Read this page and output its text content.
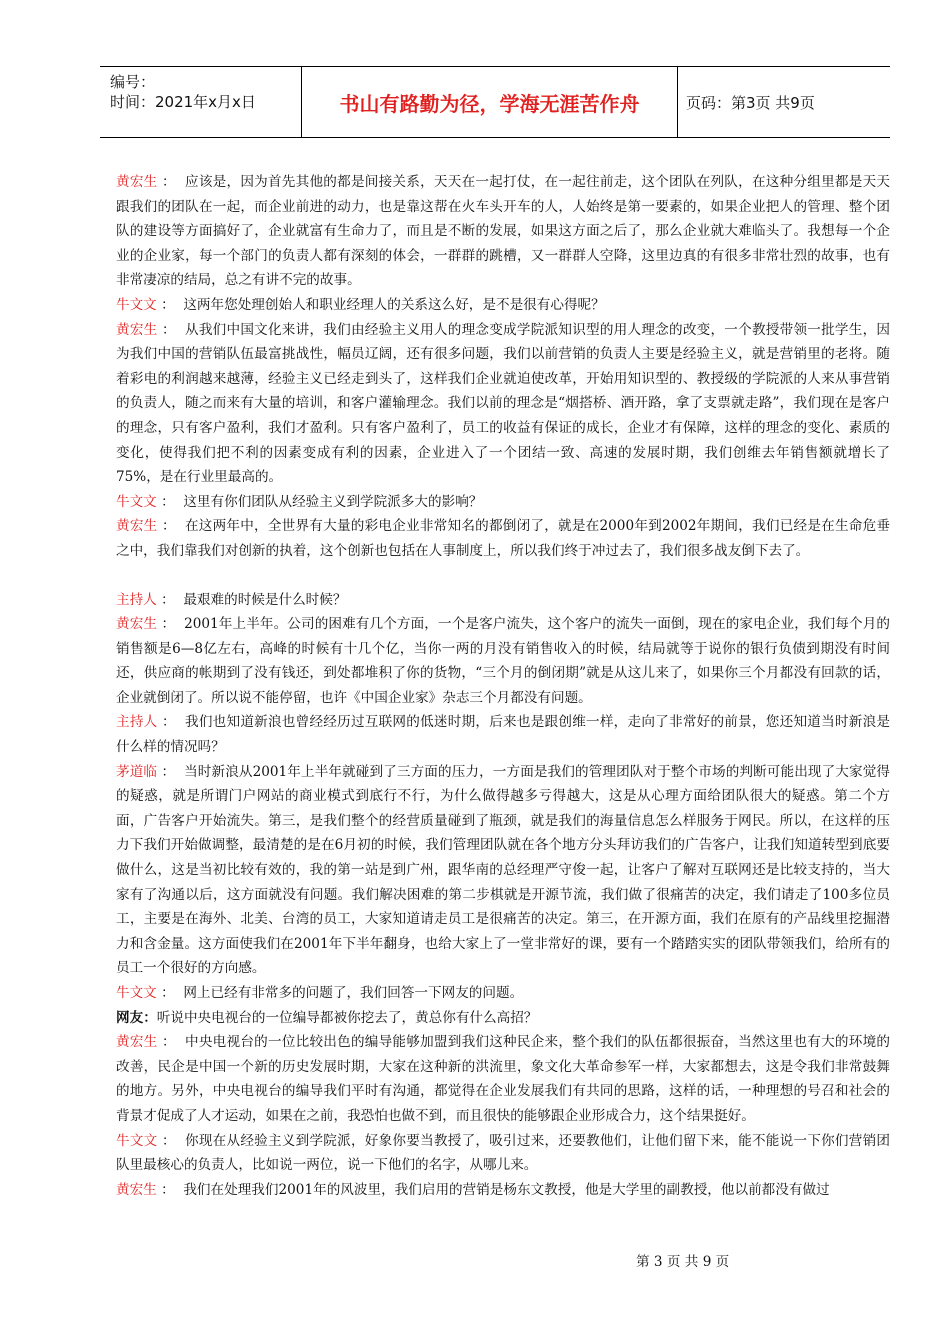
编号：
时间：2021年x月x日	书山有路勤为径，学海无涯苦作舟	页码：第3页 共9页

黄宏生 ：  应该是，因为首先其他的都是间接关系，天天在一起打仗，在一起往前走，这个团队在列队，在这种分组里都是天天跟我们的团队在一起，而企业前进的动力，也是靠这帮在火车头开车的人，人始终是第一要素的，如果企业把人的管理、整个团队的建设等方面搞好了，企业就富有生命力了，而且是不断的发展，如果这方面之后了，那么企业就大难临头了。我想每一个企业的企业家，每一个部门的负责人都有深刻的体会，一群群的跳槽，又一群群人空降，这里边真的有很多非常壮烈的故事，也有非常凄凉的结局，总之有讲不完的故事。

牛文文 ：  这两年您处理创始人和职业经理人的关系这么好，是不是很有心得呢？

黄宏生 ：  从我们中国文化来讲，我们由经验主义用人的理念变成学院派知识型的用人理念的改变，一个教授带领一批学生，因为我们中国的营销队伍最富挑战性，幅员辽阔，还有很多问题，我们以前营销的负责人主要是经验主义，就是营销里的老将。随着彩电的利润越来越薄，经验主义已经走到头了，这样我们企业就迫使改革，开始用知识型的、教授级的学院派的人来从事营销的负责人，随之而来有大量的培训，和客户灌输理念。我们以前的理念是“烟搭桥、酒开路，拿了支票就走路”，我们现在是客户的理念，只有客户盈利，我们才盈利。只有客户盈利了，员工的收益有保证的成长，企业才有保障，这样的理念的变化、素质的变化，使得我们把不利的因素变成有利的因素，企业进入了一个团结一致、高速的发展时期，我们创维去年销售额就增长了75%，是在行业里最高的。

牛文文 ：  这里有你们团队从经验主义到学院派多大的影响？

黄宏生 ：  在这两年中，全世界有大量的彩电企业非常知名的都倒闭了，就是在2000年到2002年期间，我们已经是在生命危垂之中，我们靠我们对创新的执着，这个创新也包括在人事制度上，所以我们终于冲过去了，我们很多战友倒下去了。

主持人 ：  最艰难的时候是什么时候？

黄宏生 ：  2001年上半年。公司的困难有几个方面，一个是客户流失，这个客户的流失一面倒，现在的家电企业，我们每个月的销售额是6—8亿左右，高峰的时候有十几个亿，当你一两的月没有销售收入的时候，结局就等于说你的银行负债到期没有时间还，供应商的帐期到了没有钱还，到处都堆积了你的货物，“三个月的倒闭期”就是从这儿来了，如果你三个月都没有回款的话，企业就倒闭了。所以说不能停留，也许《中国企业家》杂志三个月都没有问题。

主持人 ：  我们也知道新浪也曾经经历过互联网的低迷时期，后来也是跟创维一样，走向了非常好的前景，您还知道当时新浪是什么样的情况吗？

茅道临 ：  当时新浪从2001年上半年就碰到了三方面的压力，一方面是我们的管理团队对于整个市场的判断可能出现了大家觉得的疑惑，就是所谓门户网站的商业模式到底行不行，为什么做得越多亏得越大，这是从心理方面给团队很大的疑惑。第二个方面，广告客户开始流失。第三，是我们整个的经营质量碰到了瓶颈，就是我们的海量信息怎么样服务于网民。所以，在这样的压力下我们开始做调整，最清楚的是在6月初的时候，我们管理团队就在各个地方分头拜访我们的广告客户，让我们知道转型到底要做什么，这是当初比较有效的，我的第一站是到广州，跟华南的总经理严守俊一起，让客户了解对互联网还是比较支持的，当大家有了沟通以后，这方面就没有问题。我们解决困难的第二步棋就是开源节流，我们做了很痛苦的决定，我们请走了100多位员工，主要是在海外、北美、台湾的员工，大家知道请走员工是很痛苦的决定。第三，在开源方面，我们在原有的产品线里挖掘潜力和含金量。这方面使我们在2001年下半年翻身，也给大家上了一堂非常好的课，要有一个踏踏实实的团队带领我们，给所有的员工一个很好的方向感。

牛文文 ：  网上已经有非常多的问题了，我们回答一下网友的问题。

网友：听说中央电视台的一位编导都被你挖去了，黄总你有什么高招？

黄宏生 ：  中央电视台的一位比较出色的编导能够加盟到我们这种民企来，整个我们的队伍都很振奋，当然这里也有大的环境的改善，民企是中国一个新的历史发展时期，大家在这种新的洪流里，象文化大革命参军一样，大家都想去，这是令我们非常鼓舞的地方。另外，中央电视台的编导我们平时有沟通，都觉得在企业发展我们有共同的思路，这样的话，一种理想的号召和社会的背景才促成了人才运动，如果在之前，我恐怕也做不到，而且很快的能够跟企业形成合力，这个结果挺好。

牛文文 ：  你现在从经验主义到学院派，好象你要当教授了，吸引过来，还要教他们，让他们留下来，能不能说一下你们营销团队里最核心的负责人，比如说一两位，说一下他们的名字，从哪儿来。

黄宏生 ：  我们在处理我们2001年的风波里，我们启用的营销是杨东文教授，他是大学里的副教授，他以前都没有做过

第 3 页 共 9 页
